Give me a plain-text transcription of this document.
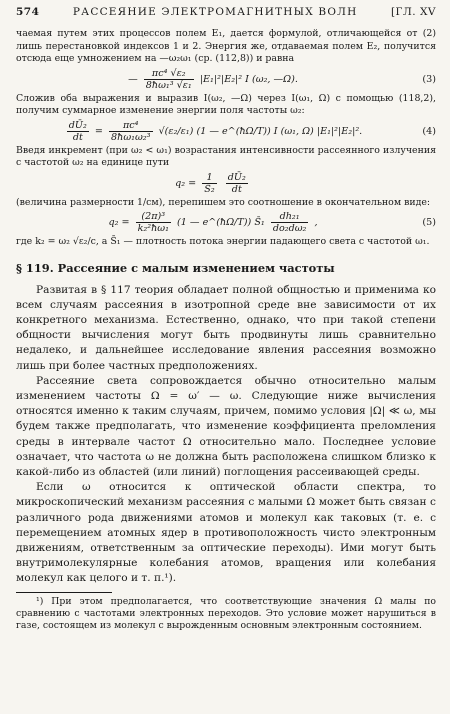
574	РАССЕЯНИЕ ЭЛЕКТРОМАГНИТНЫХ ВОЛН	[ГЛ. XV

чаемая путем этих процессов полем E₁, дается формулой, отличающейся от (2) лишь перестановкой индексов 1 и 2. Энергия же, отдаваемая полем E₂, получится отсюда еще умножением на —ω₂ω₁ (ср. (112,8)) и равна

— $\frac{\text{πc⁴ √ε₂}}{\text{8ħω₁³ √ε₁}} |E_1|^2|E_2|^2$ I (ω₂, —Ω).	(3)

Сложив оба выражения и выразив I(ω₂, —Ω) через I(ω₁, Ω) с помощью (118,2), получим суммарное изменение энергии поля частоты ω₂:

$\frac{\text{dŪ₂}}{dt} = \frac{\text{πc⁴}}{\text{8ħω₁ω₂³}} √(\varepsilon_2/\varepsilon_1)$ (1 — e^(ħΩ/T)) I (ω₁, Ω) |E₁|²|E₂|².	(4)

Введя инкремент (при ω₂ < ω₁) возрастания интенсивности рассеянного излучения с частотой ω₂ на единице пути

$q_2 = \frac{1}{\text{S̄₂}}$
$\frac{\text{dŪ₂}}{dt}$

(величина размерности 1/см), перепишем это соотношение в окончательном виде:

$q_2 = \frac{\text{(2π)³}}{\text{k₂²ħω₁}} (1$ — e^(ħΩ/T)) S̄₁ $\frac{\text{dh₂₁}}{\text{do₂dω₂}}$ ,	(5)

где k₂ = ω₂ √ε₂/c, а S̄₁ — плотность потока энергии падающего света с частотой ω₁.

§ 119. Рассеяние с малым изменением частоты

Развитая в § 117 теория обладает полной общностью и применима ко всем случаям рассеяния в изотропной среде вне зависимости от их конкретного механизма. Естественно, однако, что при такой степени общности вычисления могут быть продвинуты лишь сравнительно недалеко, и дальнейшее исследование явления рассеяния возможно лишь при более частных предположениях.

Рассеяние света сопровождается обычно относительно малым изменением частоты Ω = ω′ — ω. Следующие ниже вычисления относятся именно к таким случаям, причем, помимо условия |Ω| ≪ ω, мы будем также предполагать, что изменение коэффициента преломления среды в интервале частот Ω относительно мало. Последнее условие означает, что частота ω не должна быть расположена слишком близко к какой-либо из областей (или линий) поглощения рассеивающей среды.

Если ω относится к оптической области спектра, то микроскопический механизм рассеяния с малыми Ω может быть связан с различного рода движениями атомов и молекул как таковых (т. е. с перемещением атомных ядер в противоположность чисто электронным движениям, ответственным за оптические переходы). Ими могут быть внутримолекулярные колебания атомов, вращения или колебания молекул как целого и т. п.¹).

¹) При этом предполагается, что соответствующие значения Ω малы по сравнению с частотами электронных переходов. Это условие может нарушиться в газе, состоящем из молекул с вырожденным основным электронным состоянием.
